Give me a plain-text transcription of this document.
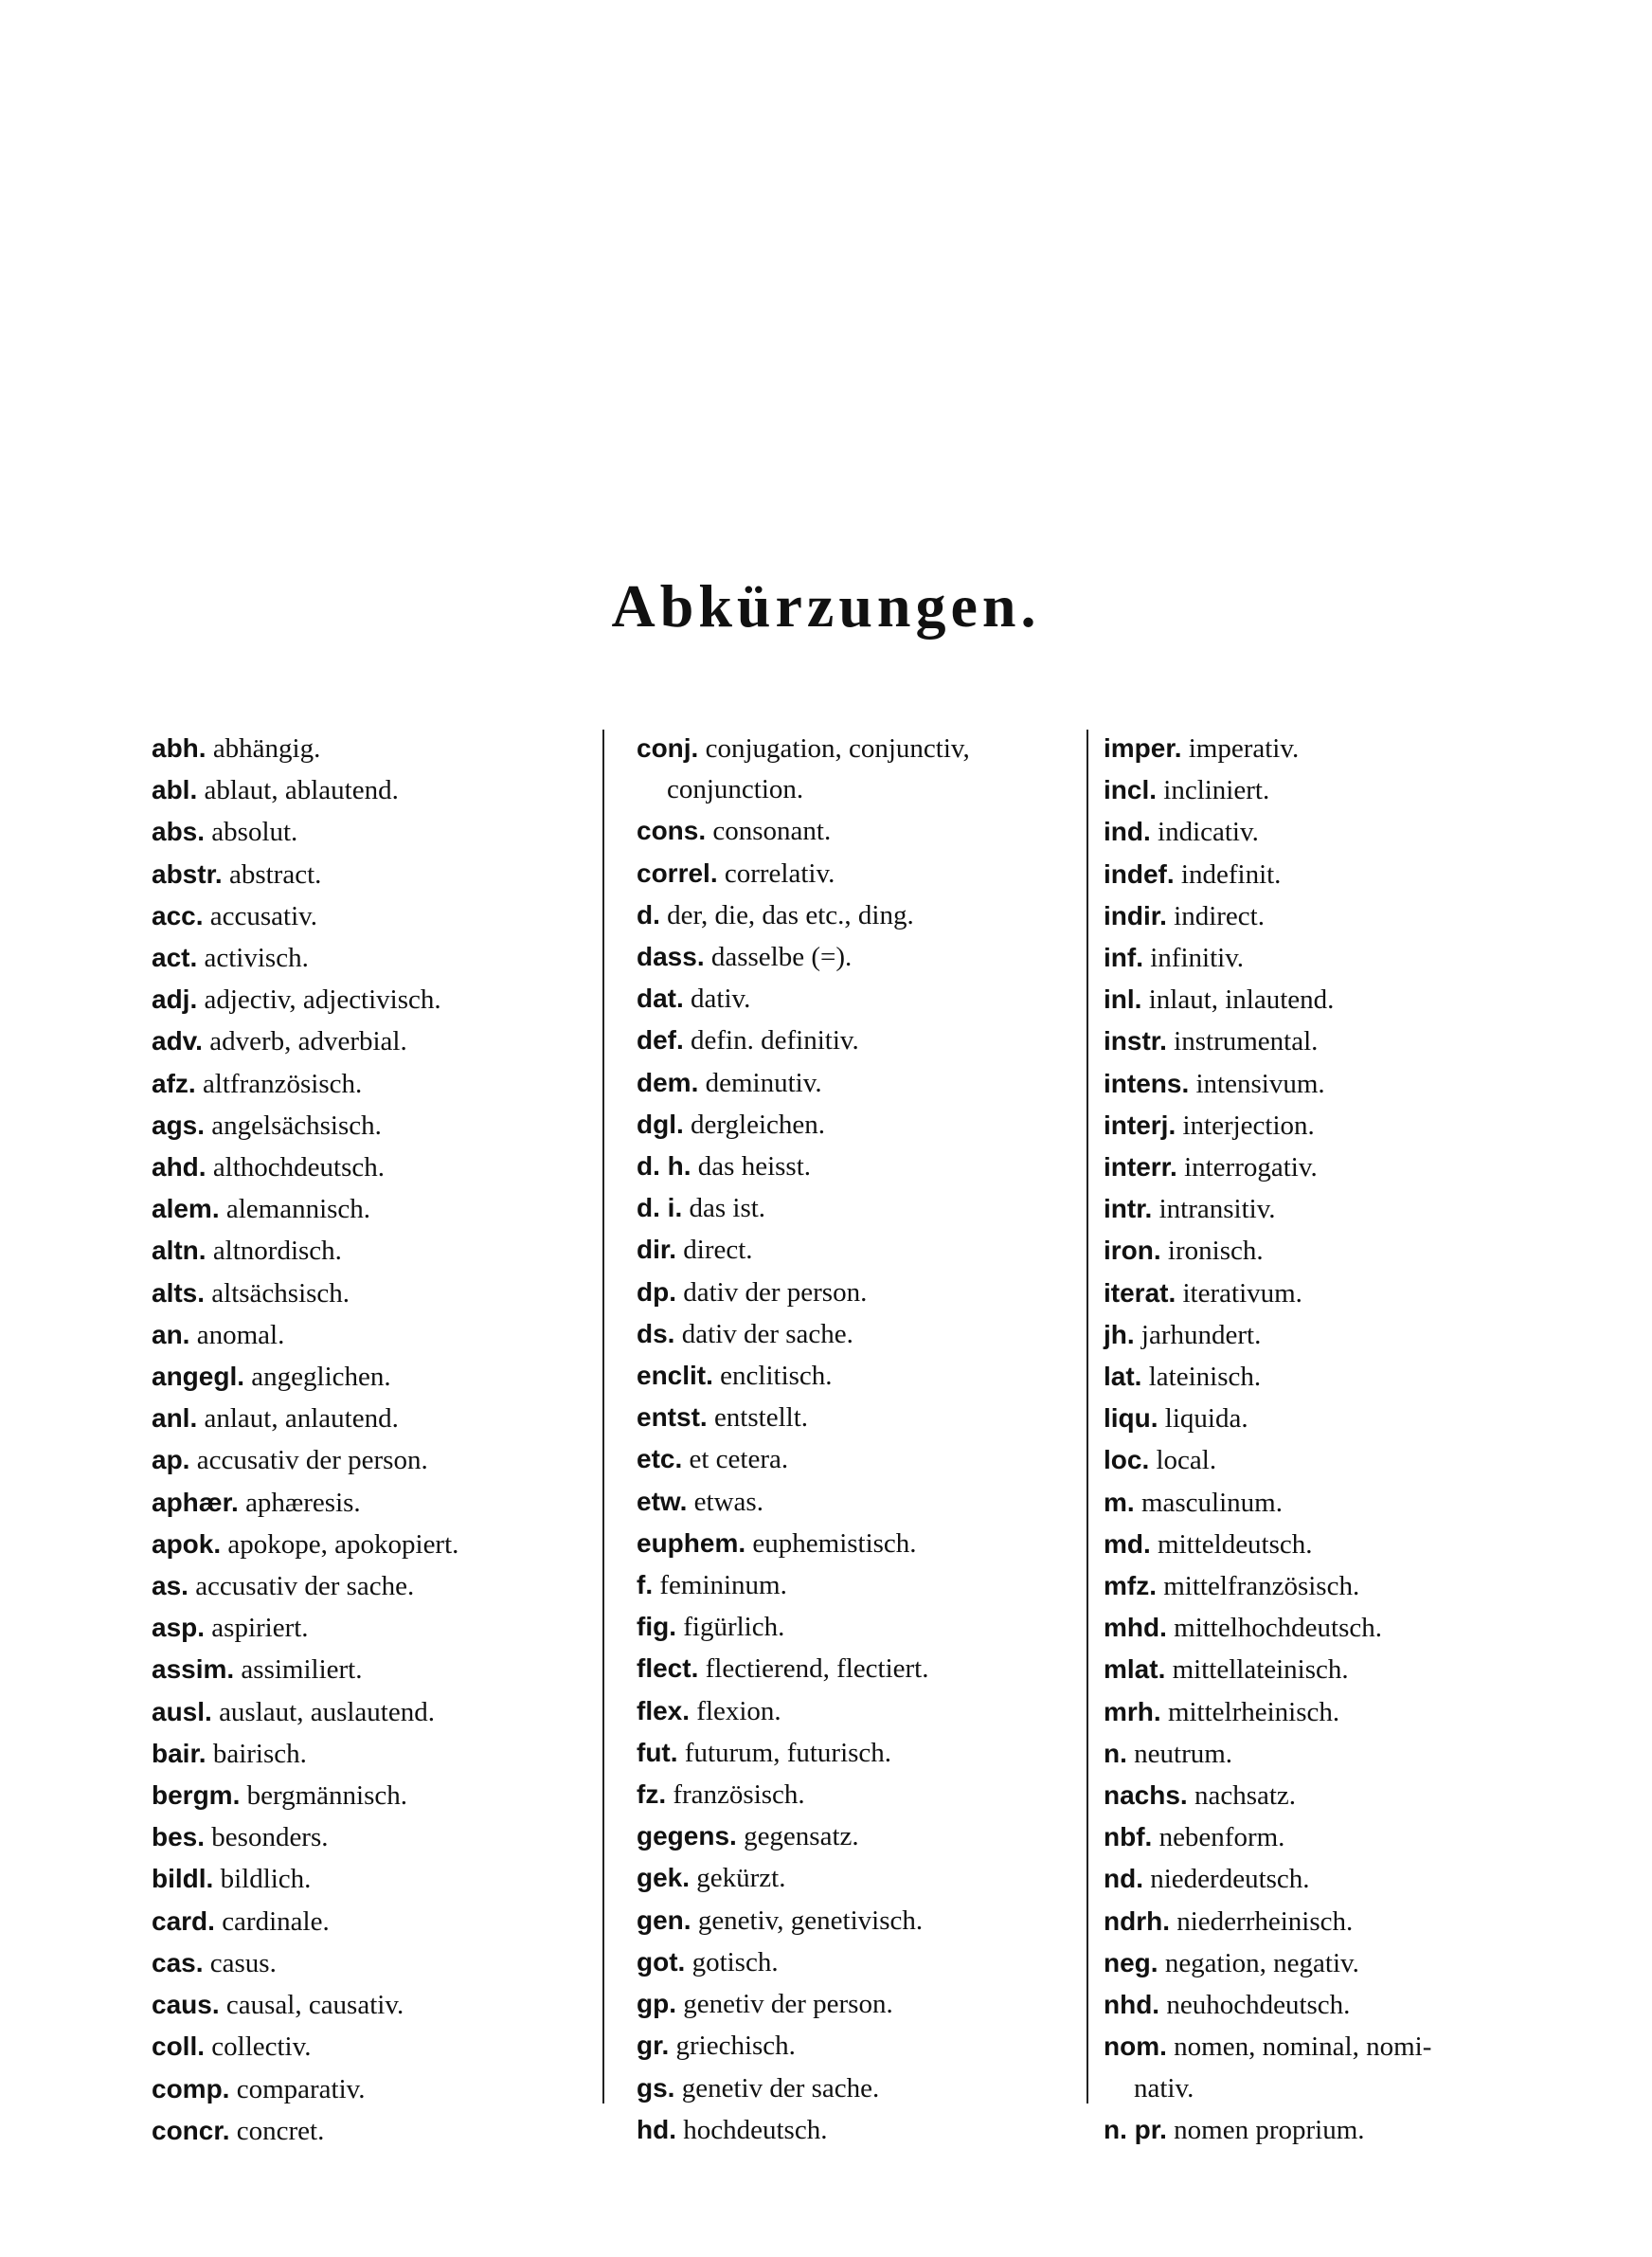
Abkürzungen.
abh. abhängig.
abl. ablaut, ablautend.
abs. absolut.
abstr. abstract.
acc. accusativ.
act. activisch.
adj. adjectiv, adjectivisch.
adv. adverb, adverbial.
afz. altfranzösisch.
ags. angelsächsisch.
ahd. althochdeutsch.
alem. alemannisch.
altn. altnordisch.
alts. altsächsisch.
an. anomal.
angegl. angeglichen.
anl. anlaut, anlautend.
ap. accusativ der person.
aphær. aphæresis.
apok. apokope, apokopiert.
as. accusativ der sache.
asp. aspiriert.
assim. assimiliert.
ausl. auslaut, auslautend.
bair. bairisch.
bergm. bergmännisch.
bes. besonders.
bildl. bildlich.
card. cardinale.
cas. casus.
caus. causal, causativ.
coll. collectiv.
comp. comparativ.
concr. concret.
conj. conjugation, conjunctiv,
conjunction.
cons. consonant.
correl. correlativ.
d. der, die, das etc., ding.
dass. dasselbe (=).
dat. dativ.
def. defin. definitiv.
dem. deminutiv.
dgl. dergleichen.
d. h. das heisst.
d. i. das ist.
dir. direct.
dp. dativ der person.
ds. dativ der sache.
enclit. enclitisch.
entst. entstellt.
etc. et cetera.
etw. etwas.
euphem. euphemistisch.
f. femininum.
fig. figürlich.
flect. flectierend, flectiert.
flex. flexion.
fut. futurum, futurisch.
fz. französisch.
gegens. gegensatz.
gek. gekürzt.
gen. genetiv, genetivisch.
got. gotisch.
gp. genetiv der person.
gr. griechisch.
gs. genetiv der sache.
hd. hochdeutsch.
imper. imperativ.
incl. incliniert.
ind. indicativ.
indef. indefinit.
indir. indirect.
inf. infinitiv.
inl. inlaut, inlautend.
instr. instrumental.
intens. intensivum.
interj. interjection.
interr. interrogativ.
intr. intransitiv.
iron. ironisch.
iterat. iterativum.
jh. jarhundert.
lat. lateinisch.
liqu. liquida.
loc. local.
m. masculinum.
md. mitteldeutsch.
mfz. mittelfranzösisch.
mhd. mittelhochdeutsch.
mlat. mittellateinisch.
mrh. mittelrheinisch.
n. neutrum.
nachs. nachsatz.
nbf. nebenform.
nd. niederdeutsch.
ndrh. niederrheinisch.
neg. negation, negativ.
nhd. neuhochdeutsch.
nom. nomen, nominal, nomi-
nativ.
n. pr. nomen proprium.
